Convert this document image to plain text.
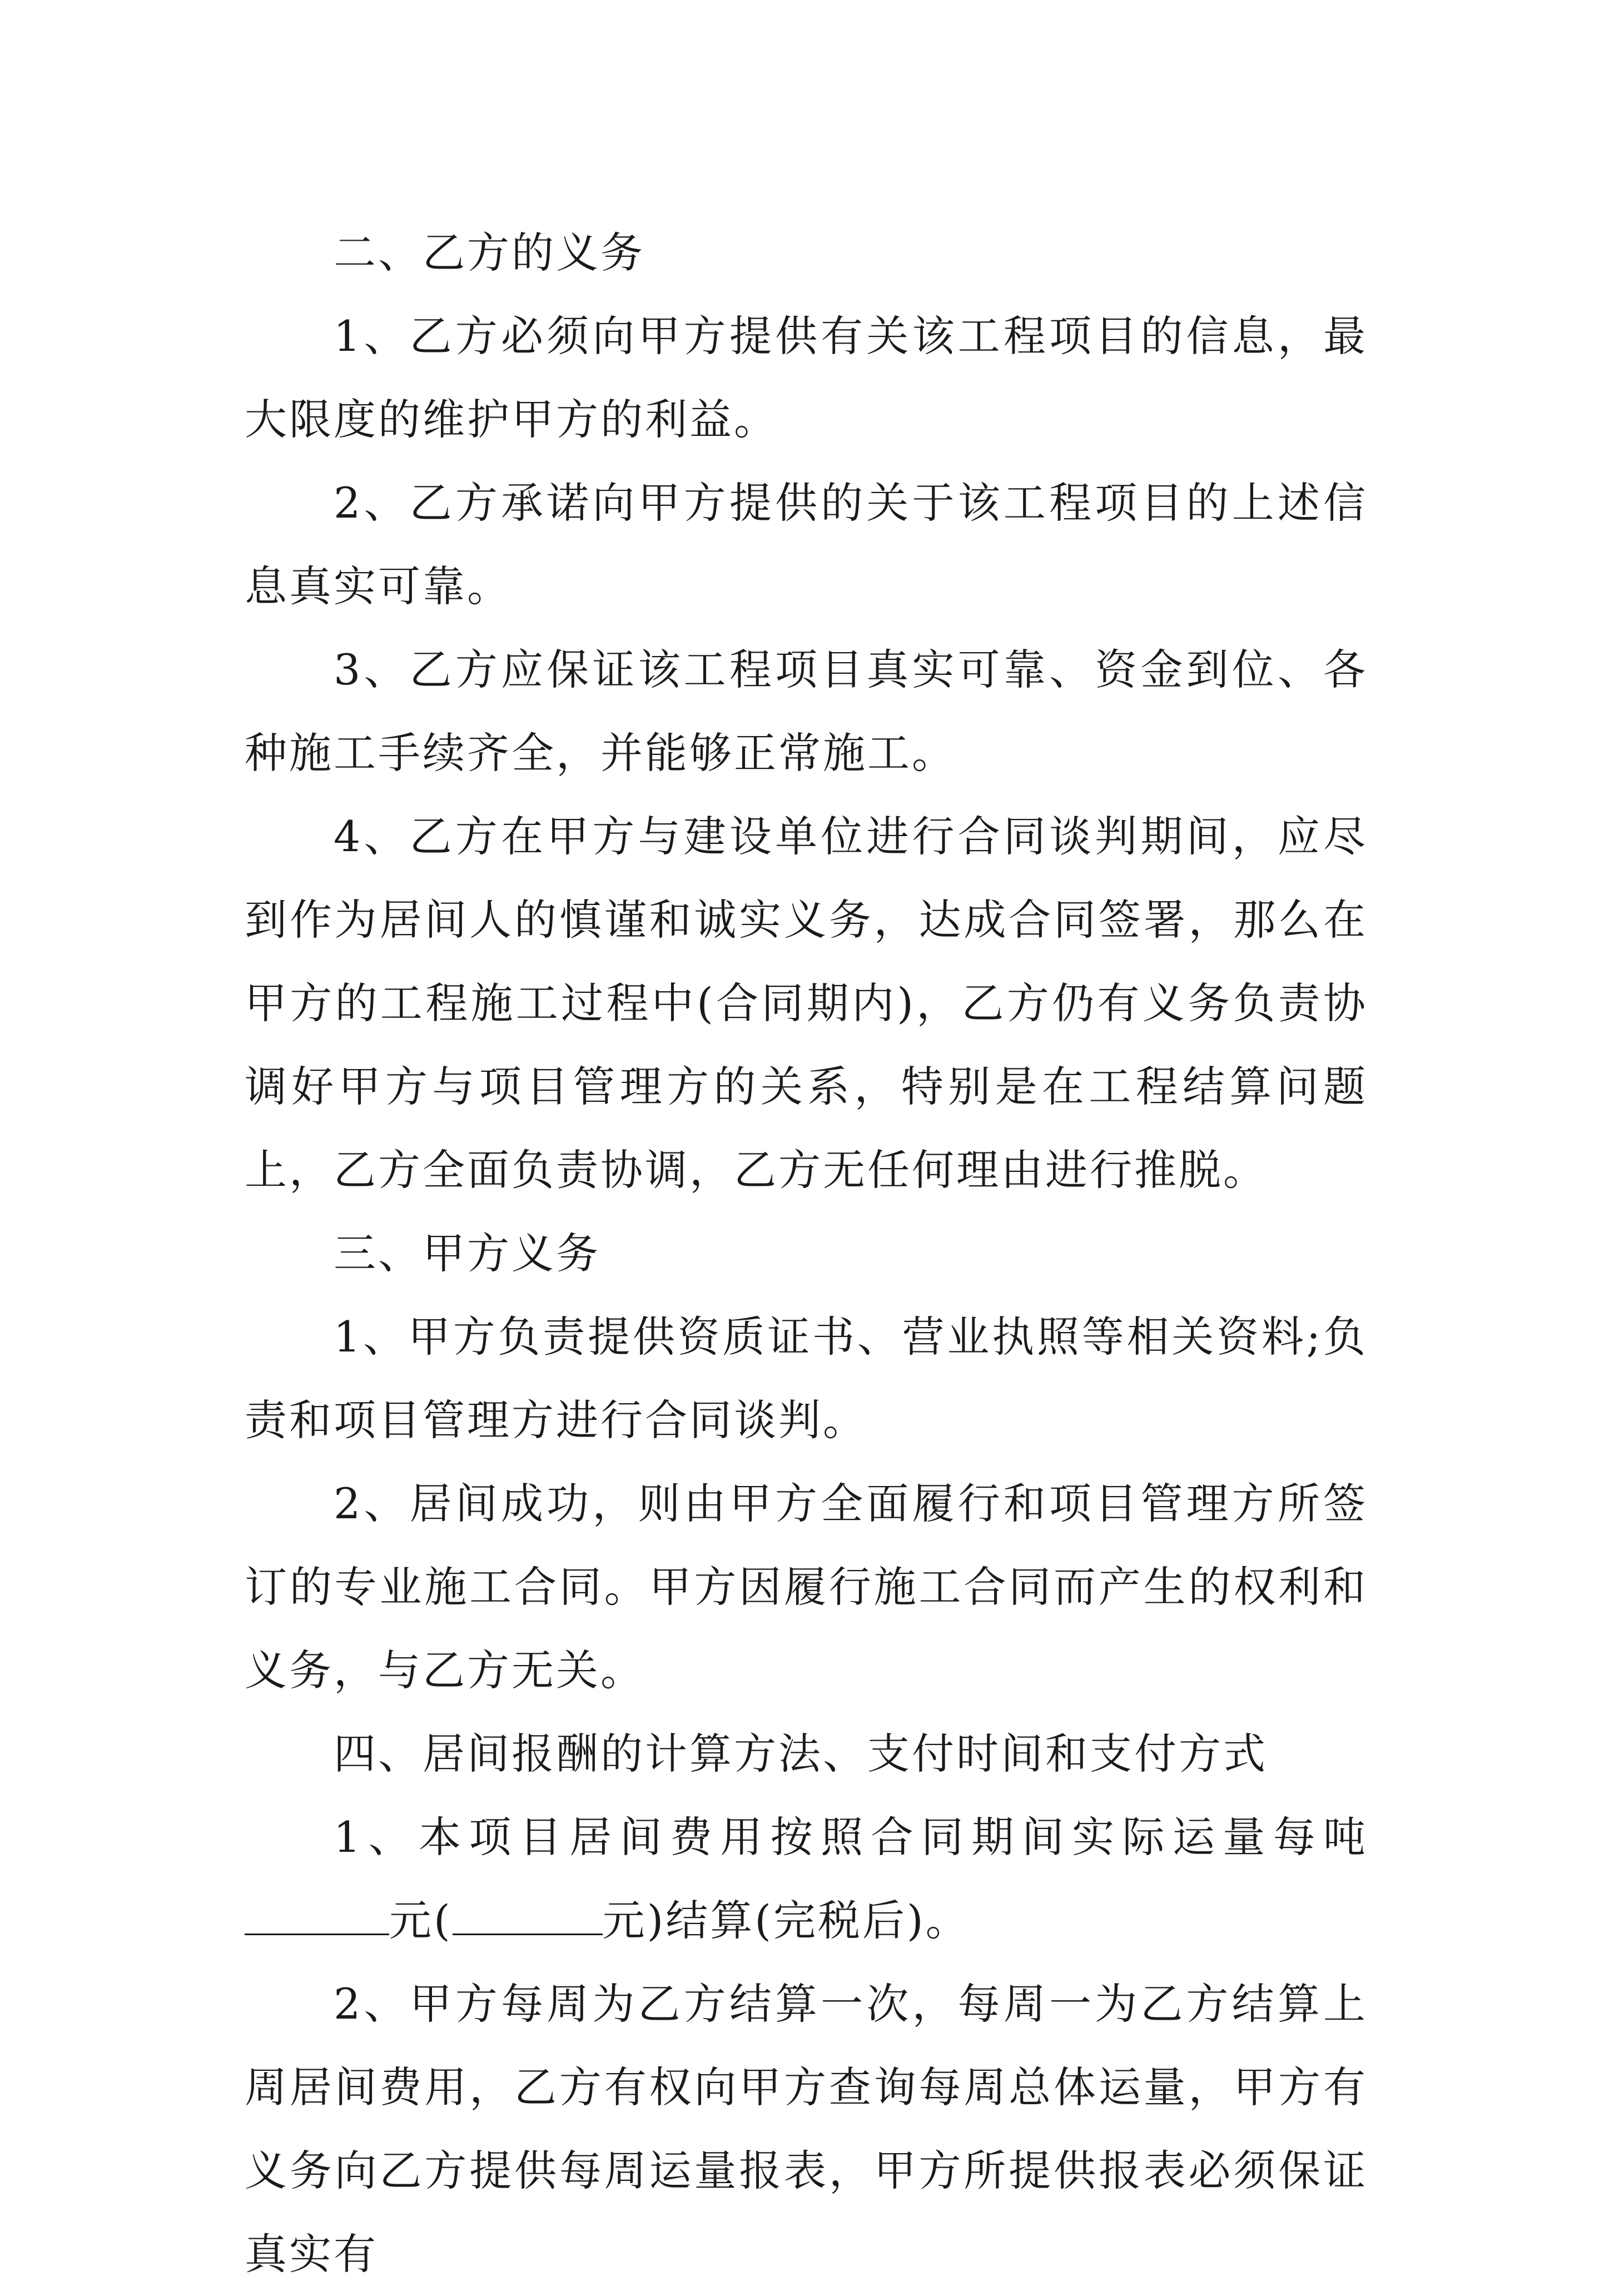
二、乙方的义务

1、乙方必须向甲方提供有关该工程项目的信息，最大限度的维护甲方的利益。

2、乙方承诺向甲方提供的关于该工程项目的上述信息真实可靠。

3、乙方应保证该工程项目真实可靠、资金到位、各种施工手续齐全，并能够正常施工。

4、乙方在甲方与建设单位进行合同谈判期间，应尽到作为居间人的慎谨和诚实义务，达成合同签署，那么在甲方的工程施工过程中(合同期内)，乙方仍有义务负责协调好甲方与项目管理方的关系，特别是在工程结算问题上，乙方全面负责协调，乙方无任何理由进行推脱。

三、甲方义务

1、甲方负责提供资质证书、营业执照等相关资料;负责和项目管理方进行合同谈判。

2、居间成功，则由甲方全面履行和项目管理方所签订的专业施工合同。甲方因履行施工合同而产生的权利和义务，与乙方无关。

四、居间报酬的计算方法、支付时间和支付方式

1、本项目居间费用按照合同期间实际运量每吨元(	元)结算(完税后)。

2、甲方每周为乙方结算一次，每周一为乙方结算上周居间费用，乙方有权向甲方查询每周总体运量，甲方有义务向乙方提供每周运量报表，甲方所提供报表必须保证真实有
